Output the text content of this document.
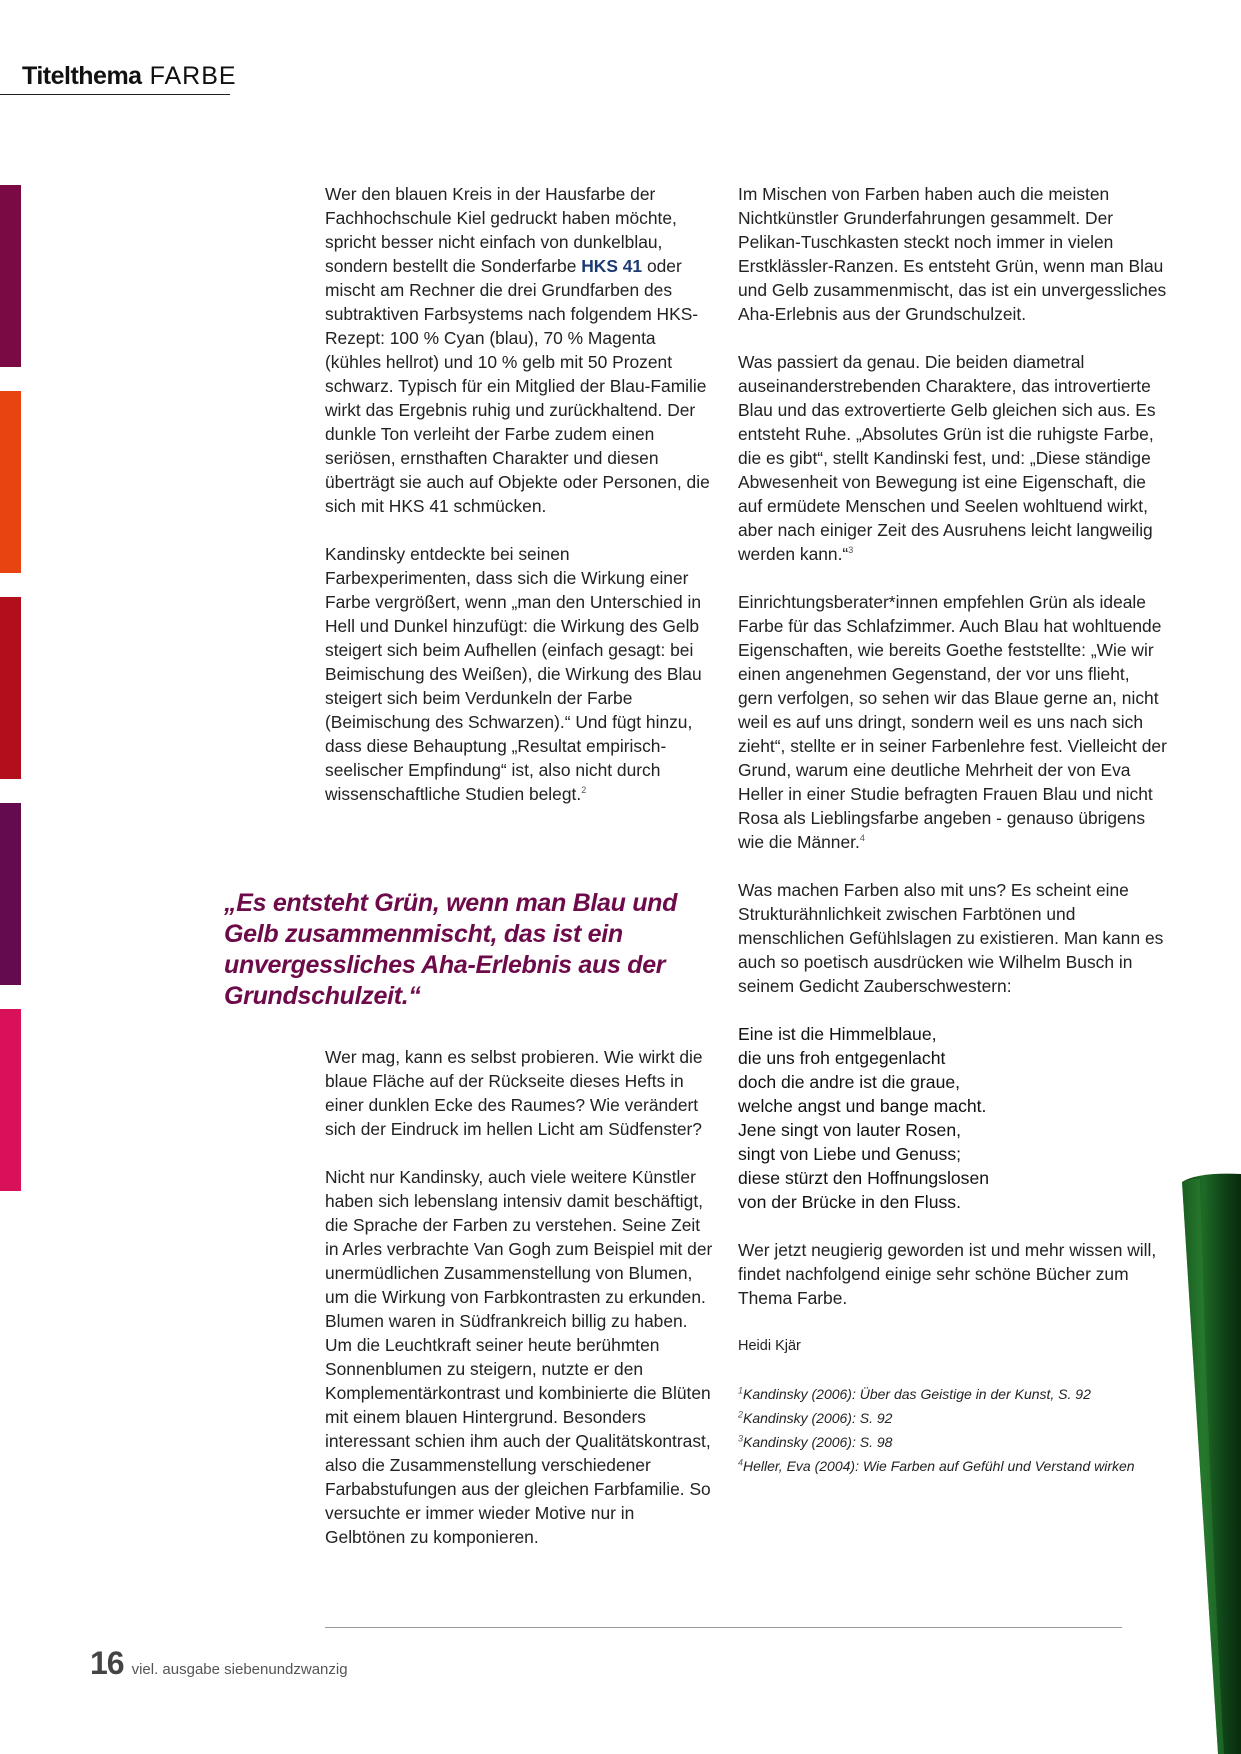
Titelthema FARBE

Wer den blauen Kreis in der Hausfarbe der Fachhochschule Kiel gedruckt haben möchte, spricht besser nicht einfach von dunkelblau, sondern bestellt die Sonderfarbe HKS 41 oder mischt am Rechner die drei Grundfarben des subtraktiven Farbsystems nach folgendem HKS-Rezept: 100 % Cyan (blau), 70 % Magenta (kühles hellrot) und 10 % gelb mit 50 Prozent schwarz. Typisch für ein Mitglied der Blau-Familie wirkt das Ergebnis ruhig und zurückhaltend. Der dunkle Ton verleiht der Farbe zudem einen seriösen, ernsthaften Charakter und diesen überträgt sie auch auf Objekte oder Personen, die sich mit HKS 41 schmücken.

Kandinsky entdeckte bei seinen Farbexperimenten, dass sich die Wirkung einer Farbe vergrößert, wenn „man den Unterschied in Hell und Dunkel hinzufügt: die Wirkung des Gelb steigert sich beim Aufhellen (einfach gesagt: bei Beimischung des Weißen), die Wirkung des Blau steigert sich beim Verdunkeln der Farbe (Beimischung des Schwarzen).“ Und fügt hinzu, dass diese Behauptung „Resultat empirisch-seelischer Empfindung“ ist, also nicht durch wissenschaftliche Studien belegt.$^2$

„Es entsteht Grün, wenn man Blau und Gelb zusammenmischt, das ist ein unvergessliches Aha-Erlebnis aus der Grundschulzeit.“

Wer mag, kann es selbst probieren. Wie wirkt die blaue Fläche auf der Rückseite dieses Hefts in einer dunklen Ecke des Raumes? Wie verändert sich der Eindruck im hellen Licht am Südfenster?

Nicht nur Kandinsky, auch viele weitere Künstler haben sich lebenslang intensiv damit beschäftigt, die Sprache der Farben zu verstehen. Seine Zeit in Arles verbrachte Van Gogh zum Beispiel mit der unermüdlichen Zusammenstellung von Blumen, um die Wirkung von Farbkontrasten zu erkunden. Blumen waren in Südfrankreich billig zu haben. Um die Leuchtkraft seiner heute berühmten Sonnenblumen zu steigern, nutzte er den Komplementärkontrast und kombinierte die Blüten mit einem blauen Hintergrund. Besonders interessant schien ihm auch der Qualitätskontrast, also die Zusammenstellung verschiedener Farbabstufungen aus der gleichen Farbfamilie. So versuchte er immer wieder Motive nur in Gelbtönen zu komponieren.

Im Mischen von Farben haben auch die meisten Nichtkünstler Grunderfahrungen gesammelt. Der Pelikan-Tuschkasten steckt noch immer in vielen Erstklässler-Ranzen. Es entsteht Grün, wenn man Blau und Gelb zusammenmischt, das ist ein unvergessliches Aha-Erlebnis aus der Grundschulzeit.

Was passiert da genau. Die beiden diametral auseinanderstrebenden Charaktere, das introvertierte Blau und das extrovertierte Gelb gleichen sich aus. Es entsteht Ruhe. „Absolutes Grün ist die ruhigste Farbe, die es gibt“, stellt Kandinski fest, und: „Diese ständige Abwesenheit von Bewegung ist eine Eigenschaft, die auf ermüdete Menschen und Seelen wohltuend wirkt, aber nach einiger Zeit des Ausruhens leicht langweilig werden kann.“$^3$

Einrichtungsberater*innen empfehlen Grün als ideale Farbe für das Schlafzimmer. Auch Blau hat wohltuende Eigenschaften, wie bereits Goethe feststellte: „Wie wir einen angenehmen Gegenstand, der vor uns flieht, gern verfolgen, so sehen wir das Blaue gerne an, nicht weil es auf uns dringt, sondern weil es uns nach sich zieht“, stellte er in seiner Farbenlehre fest. Vielleicht der Grund, warum eine deutliche Mehrheit der von Eva Heller in einer Studie befragten Frauen Blau und nicht Rosa als Lieblingsfarbe angeben - genauso übrigens wie die Männer.$^4$

Was machen Farben also mit uns? Es scheint eine Strukturähnlichkeit zwischen Farbtönen und menschlichen Gefühlslagen zu existieren. Man kann es auch so poetisch ausdrücken wie Wilhelm Busch in seinem Gedicht Zauberschwestern:

Eine ist die Himmelblaue,
die uns froh entgegenlacht
doch die andre ist die graue,
welche angst und bange macht.
Jene singt von lauter Rosen,
singt von Liebe und Genuss;
diese stürzt den Hoffnungslosen
von der Brücke in den Fluss.

Wer jetzt neugierig geworden ist und mehr wissen will, findet nachfolgend einige sehr schöne Bücher zum Thema Farbe.

Heidi Kjär

$^1$Kandinsky (2006): Über das Geistige in der Kunst, S. 92
$^2$Kandinsky (2006): S. 92
$^3$Kandinsky (2006): S. 98
$^4$Heller, Eva (2004): Wie Farben auf Gefühl und Verstand wirken
16 viel. ausgabe siebenundzwanzig
